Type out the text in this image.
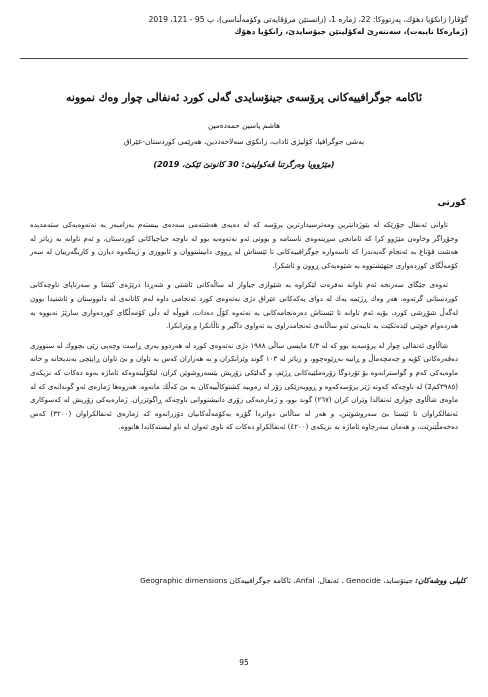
گۆڤارا زانكۆیا دهۆك، پەرتووكا: 22، ژمارە 1، (زانستێن مرۆڤایەتی وكۆمەڵناسی)، پ 95 - 121، 2019
(ژمارەكا تایبەت)، سەنتەرێ لەكۆلینێن جیۆسایدێ، زانكۆیا دهۆك
ئاكامە جوگرافییەكانی پرۆسەی جینۆسایدی گەلی كورد ئەنفالی چوار وەك نموونە
هاشم یاسین حمەدەمین
بەشی جوگرافیا، كۆلیژی ئاداب، زانكۆی سەلاحەددین، هەرێمی كوردستان-عێراق
(مێژوویا وەرگرتنا ڤەكولینێ: 30 كانونێ ئێكێ، 2019)
كورتی

تاوانی ئەنفال جۆرێكە لە بێوژدانترین ومەترسیدارترین پرۆسە كە لە دەیەی هەشتەمی سەدەی بیستەم بەرامبەر بە نەتەوەیەكی ستەمدیدە وخۆڕاگر وخاوەن مێژوو كرا كە ئامانجی سڕینەوەی ناسنامە و بوونی ئەو نەتەوەیە بوو لە ناوچە جیاجیاكانی كوردستان، و ئەم تاوانە بە زیاتر لە هەشت قۆناغ بە ئەنجام گەیەندرا كە ئاسەوارە جوگرافییەكانی تا ئێستاش لە ڕووی دانیشتووان و ئابووری و ژینگەوە دیارن و كاریگەرییان لە سەر كۆمەڵگای كوردەواری جێهێشتووە بە شێوەیەكی ڕوون و ئاشكرا.

ئەوەی جێگای سەرنجە ئەم تاوانە نەفرەت لێكراوە بە شێوازی جیاواز لە ساڵەكانی ئاشتی و شەڕدا درێژەی كێشا و سەرتاپای ناوچەكانی كوردستانی گرتەوە، هەر وەك ڕژێمە یەك لە دوای یەكەكانی عێراق دژی نەتەوەی كورد ئەنجامی داوە لەم كاتانەی لە دانووستان و ئاشتیدا بوون لەگەڵ شۆڕشی كورد، بۆیە ئەم تاوانە تا ئێستاش دەرەنجامەكانی بە نەتەوە كۆڵ دەدات، قووڵە لە دڵی كۆمەڵگای كوردەواری سازێژ نەبووە بە هەردەوام خوێنی لێدەتكێت بە تایبەتی ئەو ساڵانەی ئەنجامدراوی بە تەواوی داگیر و تاڵانكرا و وێرانكرا.

شاڵاوی ئەنفالی چوار لە پرۆسەیە بوو كە لە ٤/٣ مایسی ساڵی ١٩٨٨ دژی نەتەوەی كورد لە هەردوو بەری ڕاست وچەپی زێی بچووك لە سنووری دەڤەرەكانی كۆیە و چەمچەماڵ و ڕانیە بەڕێوەچوو، و زیاتر لە ١٠٣ گوند وێرانكران و بە هەزاران كەس بە تاوان و بێ تاوان ڕاپێچی بەندیخانە و خانە ماوەیەكی كەم و گواسترانەوە بۆ ئۆردوگا زۆرەملێیەكانی ڕژێم، و گەلێكی زۆریش بێسەروشوێن كران، لێكۆڵینەوەكە ئاماژە بەوە دەكات كە نزیكەی (٣٩٨٥كم2) لە ناوچەكە كەوتە ژێر پرۆسەكەوە و ڕووبەرێكی زۆر لە زەوییە كشتوكاڵییەكان بە بێ كەڵك مانەوە. هەروەها ژمارەی ئەو گوندانەی كە لە ماوەی شاڵاوی چواری ئەنفالدا وێران كران (٢٦٧) گوند بوو، و ژمارەیەكی زۆری دانیشتووانی ناوچەكە ڕاگوێزران. ژمارەیەكی زۆریش لە كەسوكاری ئەنفالكراوان تا ئێستا بێ سەروشوێنن، و هەر لە ساڵانی دواتردا گۆڕە بەكۆمەڵەكانیان دۆزرانەوە كە ژمارەی ئەنفالكراوان (٣٢٠٠) كەس دەخەمڵێنرێت، و هەمان سەرچاوە ئاماژە بە نزیكەی (٤٢٠٠) ئەنفالكراو دەكات كە ناوی ئەوان لە ناو لیستەكاندا هاتووە.

كلیلی ووشەكان: جینۆساید، Genocide ، ئەنفال، Anfal، ئاكامە جوگرافییەكان Geographic dimensions
95
